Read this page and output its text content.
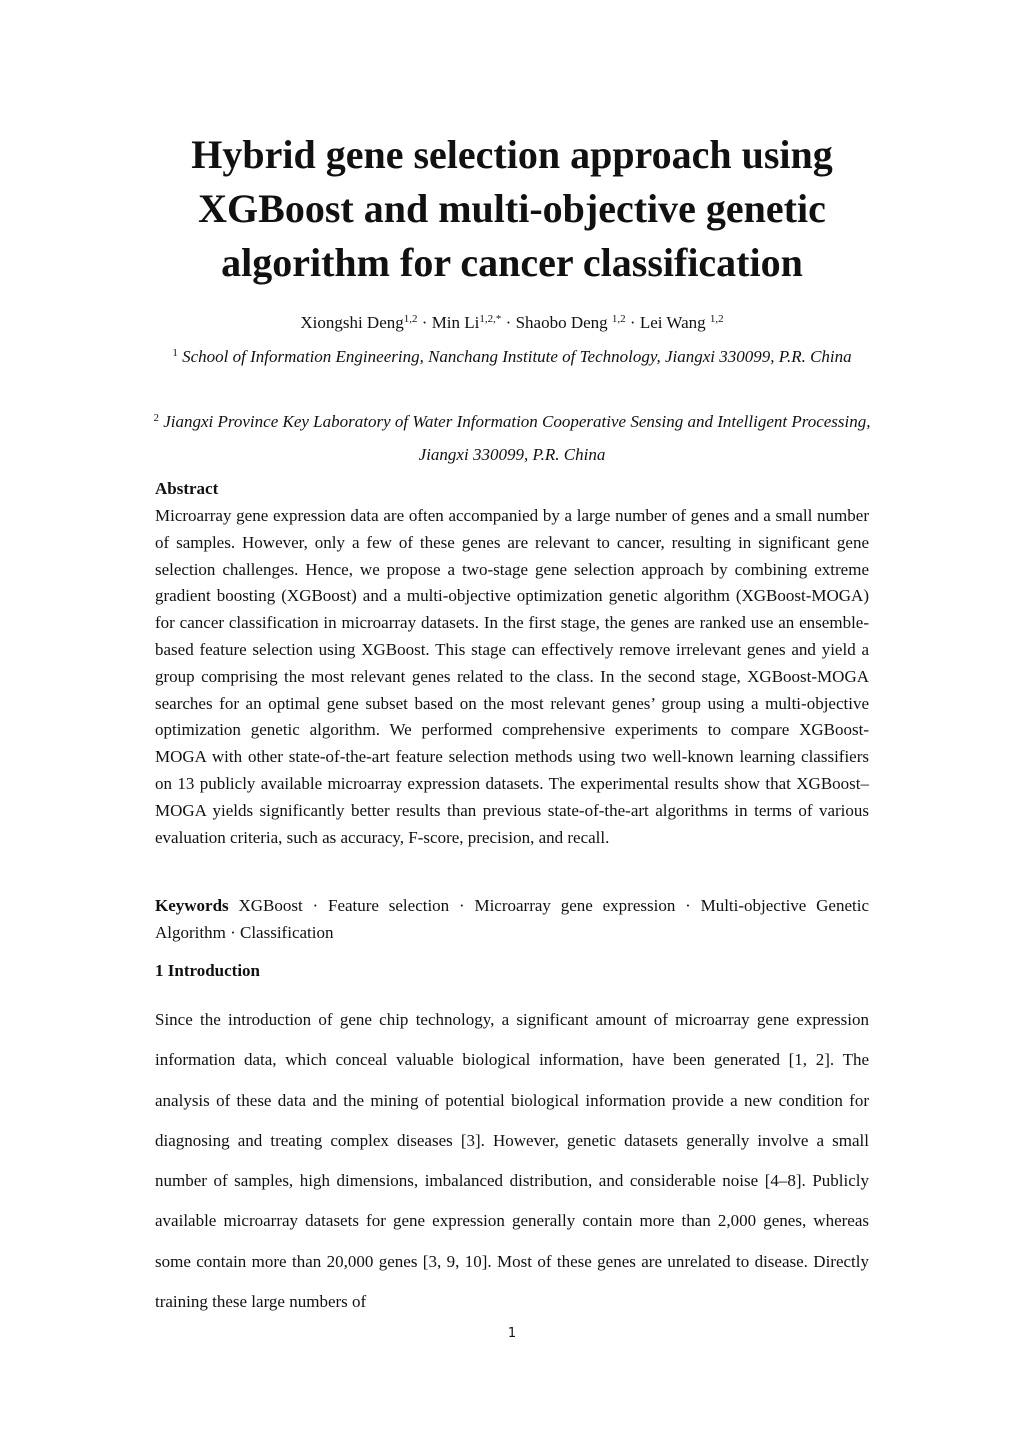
Hybrid gene selection approach using
XGBoost and multi-objective genetic
algorithm for cancer classification
Xiongshi Deng$^{1,2}$ · Min $Li^{1,2,*}$ · Shaobo Deng $^{1,2}$ · Lei Wang $^{1,2}$
$^1$ School of Information Engineering, Nanchang Institute of Technology, Jiangxi 330099, P.R. China
$^2$ Jiangxi Province Key Laboratory of Water Information Cooperative Sensing and Intelligent Processing, Jiangxi 330099, P.R. China
Abstract
Microarray gene expression data are often accompanied by a large number of genes and a small number of samples. However, only a few of these genes are relevant to cancer, resulting in significant gene selection challenges. Hence, we propose a two-stage gene selection approach by combining extreme gradient boosting (XGBoost) and a multi-objective optimization genetic algorithm (XGBoost-MOGA) for cancer classification in microarray datasets. In the first stage, the genes are ranked use an ensemble-based feature selection using XGBoost. This stage can effectively remove irrelevant genes and yield a group comprising the most relevant genes related to the class. In the second stage, XGBoost-MOGA searches for an optimal gene subset based on the most relevant genes’ group using a multi-objective optimization genetic algorithm. We performed comprehensive experiments to compare XGBoost-MOGA with other state-of-the-art feature selection methods using two well-known learning classifiers on 13 publicly available microarray expression datasets. The experimental results show that XGBoost–MOGA yields significantly better results than previous state-of-the-art algorithms in terms of various evaluation criteria, such as accuracy, F-score, precision, and recall.
Keywords XGBoost · Feature selection · Microarray gene expression · Multi-objective Genetic Algorithm · Classification
1 Introduction
Since the introduction of gene chip technology, a significant amount of microarray gene expression information data, which conceal valuable biological information, have been generated [1, 2]. The analysis of these data and the mining of potential biological information provide a new condition for diagnosing and treating complex diseases [3]. However, genetic datasets generally involve a small number of samples, high dimensions, imbalanced distribution, and considerable noise [4–8]. Publicly available microarray datasets for gene expression generally contain more than 2,000 genes, whereas some contain more than 20,000 genes [3, 9, 10]. Most of these genes are unrelated to disease. Directly training these large numbers of
1
